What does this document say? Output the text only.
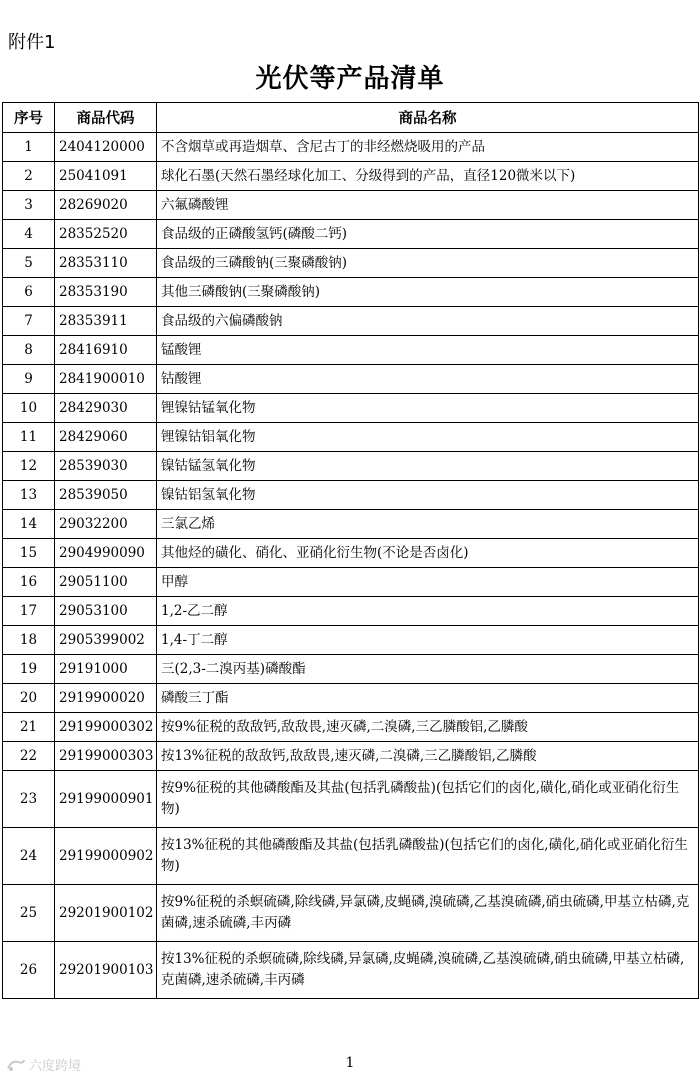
附件1
光伏等产品清单
序号	商品代码	商品名称
1	2404120000	不含烟草或再造烟草、含尼古丁的非经燃烧吸用的产品
2	25041091	球化石墨(天然石墨经球化加工、分级得到的产品，直径120微米以下)
3	28269020	六氟磷酸锂
4	28352520	食品级的正磷酸氢钙(磷酸二钙)
5	28353110	食品级的三磷酸钠(三聚磷酸钠)
6	28353190	其他三磷酸钠(三聚磷酸钠)
7	28353911	食品级的六偏磷酸钠
8	28416910	锰酸锂
9	2841900010	钴酸锂
10	28429030	锂镍钴锰氧化物
11	28429060	锂镍钴铝氧化物
12	28539030	镍钴锰氢氧化物
13	28539050	镍钴铝氢氧化物
14	29032200	三氯乙烯
15	2904990090	其他烃的磺化、硝化、亚硝化衍生物(不论是否卤化)
16	29051100	甲醇
17	29053100	1,2-乙二醇
18	2905399002	1,4-丁二醇
19	29191000	三(2,3-二溴丙基)磷酸酯
20	2919900020	磷酸三丁酯
21	29199000302	按9%征税的敌敌钙,敌敌畏,速灭磷,二溴磷,三乙膦酸铝,乙膦酸
22	29199000303	按13%征税的敌敌钙,敌敌畏,速灭磷,二溴磷,三乙膦酸铝,乙膦酸
23	29199000901	按9%征税的其他磷酸酯及其盐(包括乳磷酸盐)(包括它们的卤化,磺化,硝化或亚硝化衍生物)
24	29199000902	按13%征税的其他磷酸酯及其盐(包括乳磷酸盐)(包括它们的卤化,磺化,硝化或亚硝化衍生物)
25	29201900102	按9%征税的杀螟硫磷,除线磷,异氯磷,皮蝇磷,溴硫磷,乙基溴硫磷,硝虫硫磷,甲基立枯磷,克菌磷,速杀硫磷,丰丙磷
26	29201900103	按13%征税的杀螟硫磷,除线磷,异氯磷,皮蝇磷,溴硫磷,乙基溴硫磷,硝虫硫磷,甲基立枯磷,克菌磷,速杀硫磷,丰丙磷
1
六度跨境
